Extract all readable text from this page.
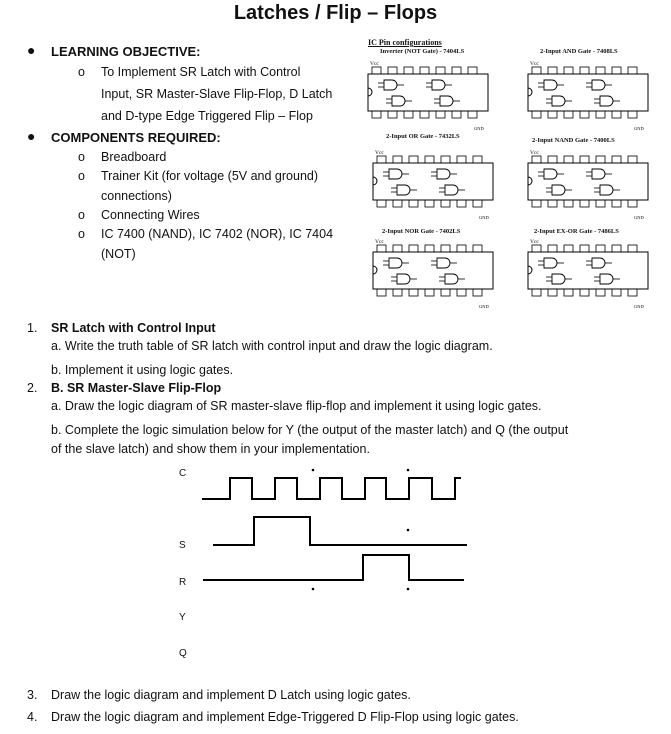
Latches / Flip – Flops
● LEARNING OBJECTIVE:
o To Implement SR Latch with Control
Input, SR Master-Slave Flip-Flop, D Latch
and D-type Edge Triggered Flip – Flop
● COMPONENTS REQUIRED:
o Breadboard
o Trainer Kit (for voltage (5V and ground)
connections)
o Connecting Wires
o IC 7400 (NAND), IC 7402 (NOR), IC 7404
(NOT)
IC Pin configurations
Inverter (NOT Gate) - 7404LS	2-Input AND Gate - 7408LS
2-Input OR Gate - 7432LS
2-Input NAND Gate - 7400LS
2-Input NOR Gate - 7402LS	2-Input EX-OR Gate - 7486LS
Vcc
GND
Vcc
GND
Vcc
GND
Vcc
GND
Vcc
GND
Vcc
GND
1. SR Latch with Control Input
a. Write the truth table of SR latch with control input and draw the logic diagram.
b. Implement it using logic gates.
2. B. SR Master-Slave Flip-Flop
a. Draw the logic diagram of SR master-slave flip-flop and implement it using logic gates.
b. Complete the logic simulation below for Y (the output of the master latch) and Q (the output
of the slave latch) and show them in your implementation.
C
S
R
Y
Q
3. Draw the logic diagram and implement D Latch using logic gates.
4. Draw the logic diagram and implement Edge-Triggered D Flip-Flop using logic gates.
